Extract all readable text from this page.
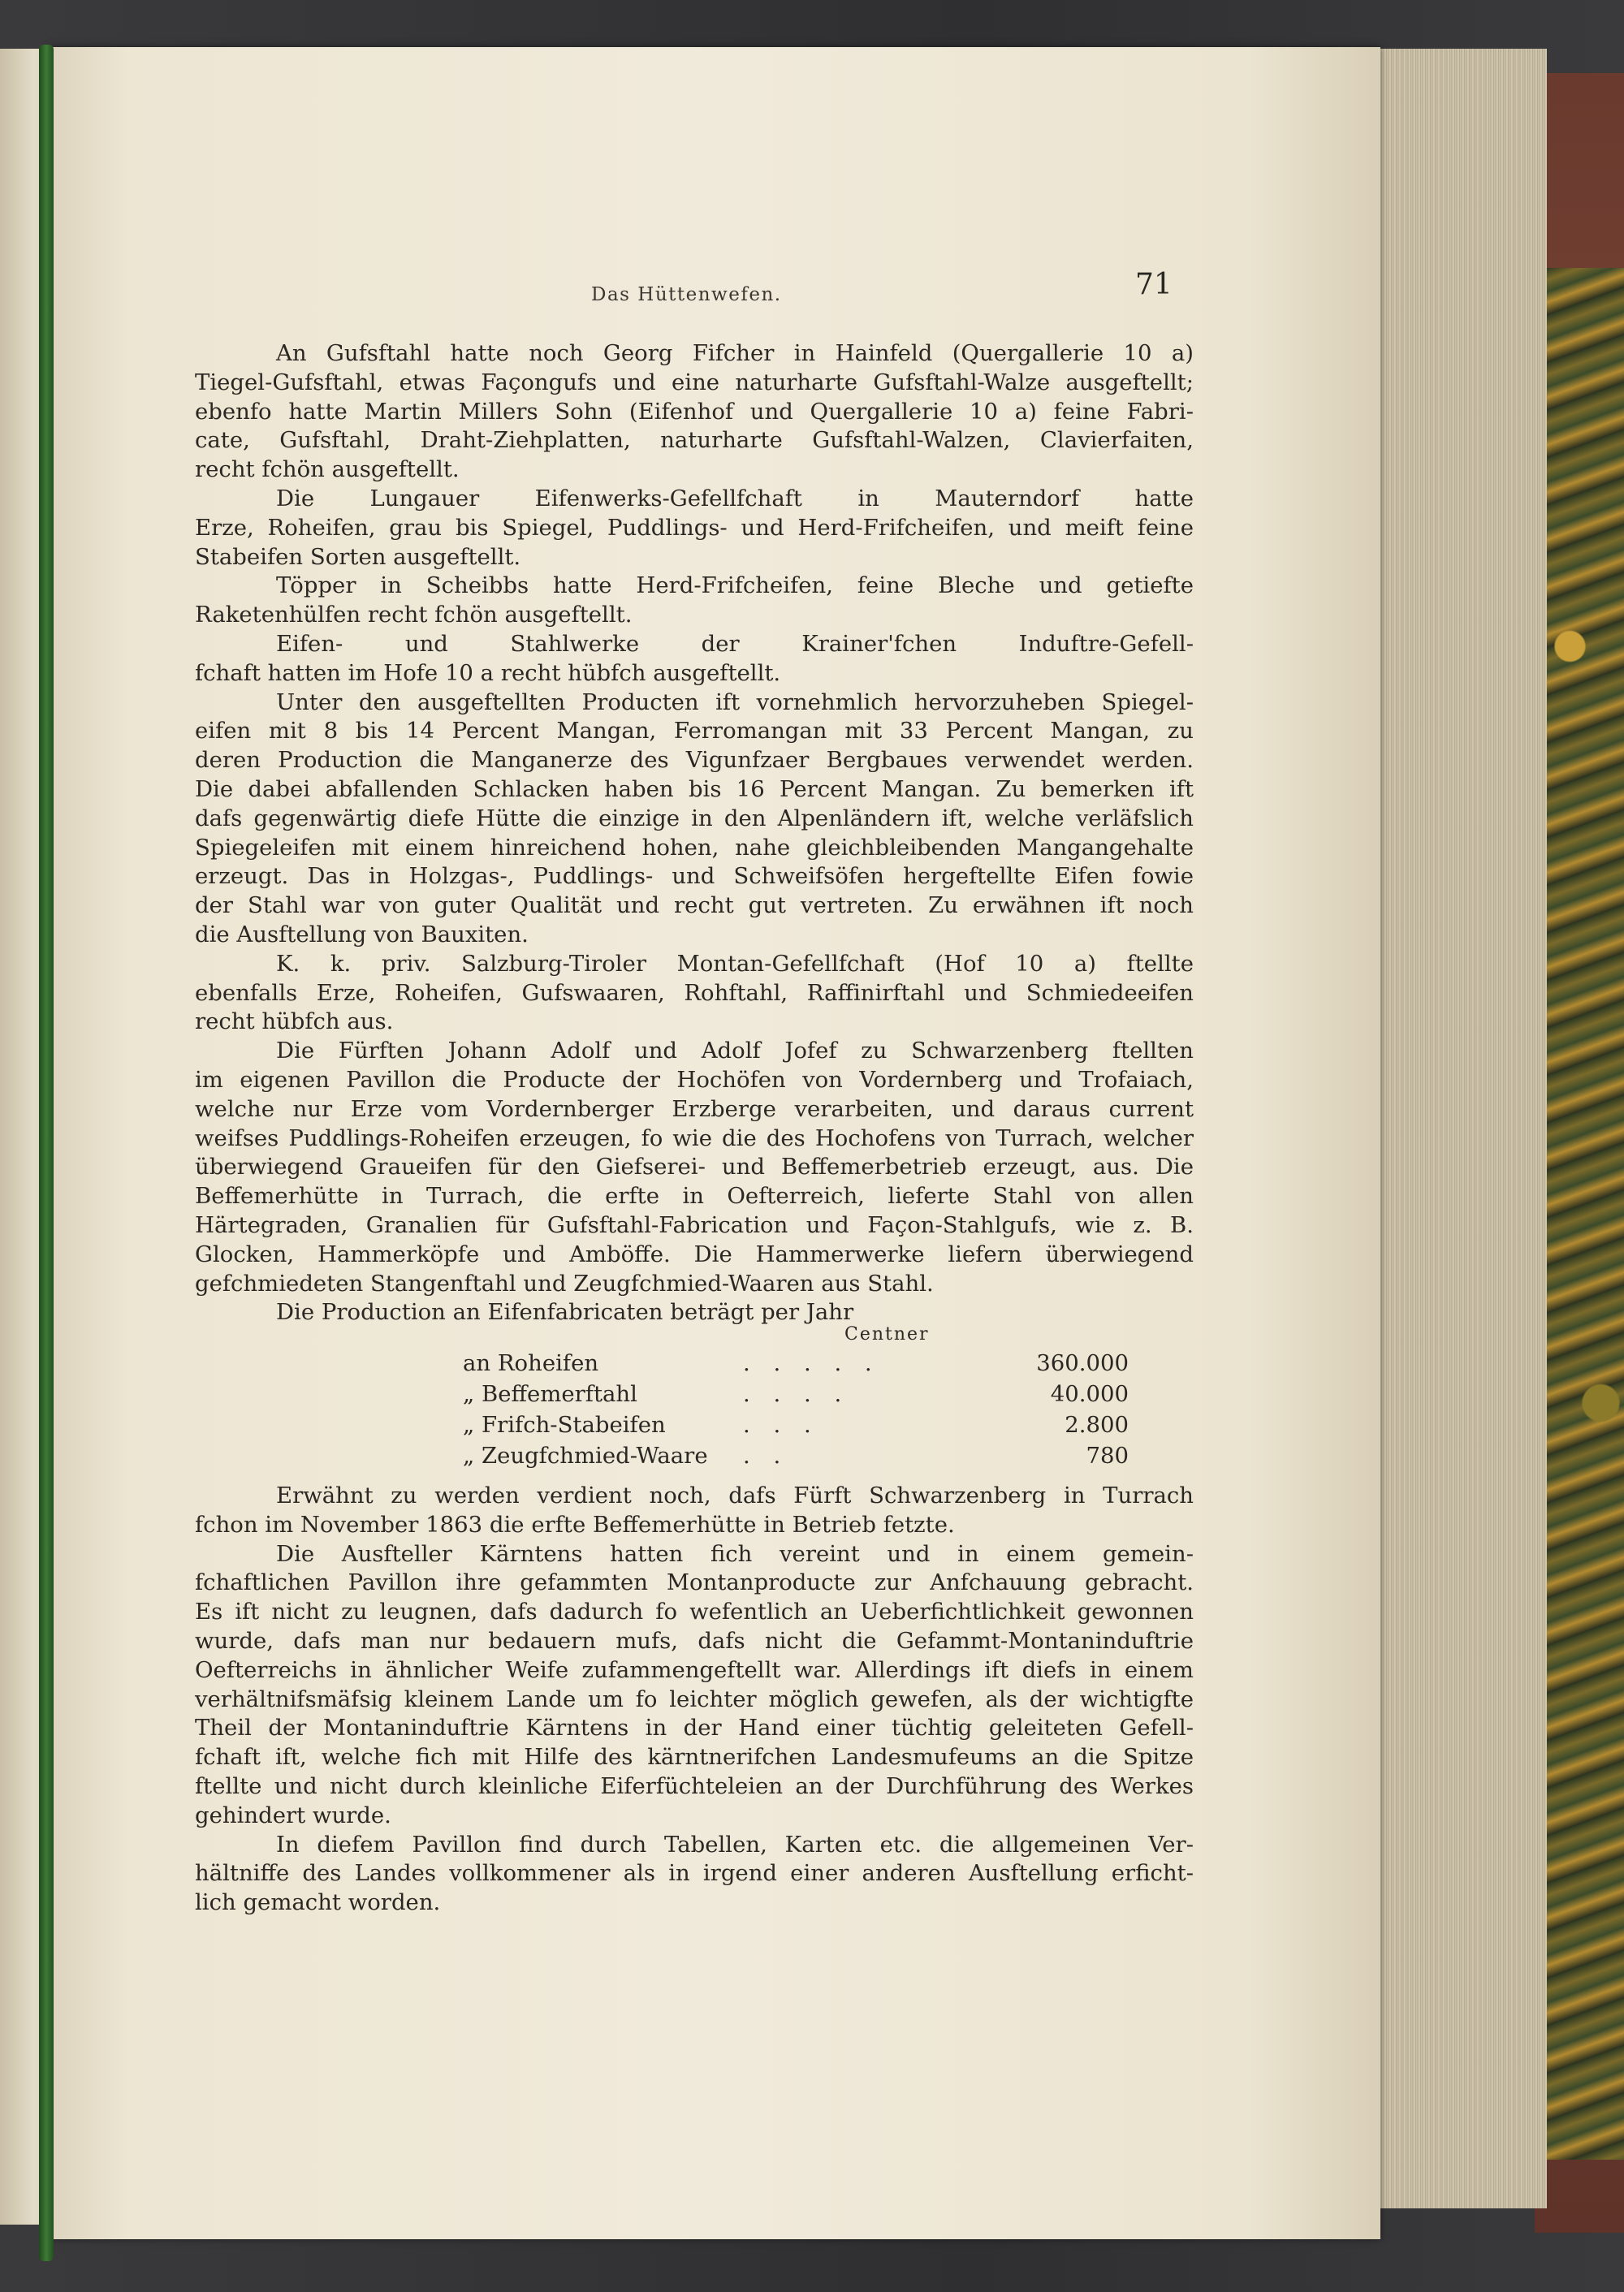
Das Hüttenwefen.	71
An Gufsftahl hatte noch Georg Fifcher in Hainfeld (Quergallerie 10 a)
Tiegel-Gufsftahl, etwas Façongufs und eine naturharte Gufsftahl-Walze ausgeftellt;
ebenfo hatte Martin Millers Sohn (Eifenhof und Quergallerie 10 a) feine Fabri-
cate, Gufsftahl, Draht-Ziehplatten, naturharte Gufsftahl-Walzen, Clavierfaiten,
recht fchön ausgeftellt.
Die Lungauer Eifenwerks-Gefellfchaft in Mauterndorf hatte
Erze, Roheifen, grau bis Spiegel, Puddlings- und Herd-Frifcheifen, und meift feine
Stabeifen Sorten ausgeftellt.
Töpper in Scheibbs hatte Herd-Frifcheifen, feine Bleche und getiefte
Raketenhülfen recht fchön ausgeftellt.
Eifen- und Stahlwerke der Krainer'fchen Induftre-Gefell-
fchaft hatten im Hofe 10 a recht hübfch ausgeftellt.
Unter den ausgeftellten Producten ift vornehmlich hervorzuheben Spiegel-
eifen mit 8 bis 14 Percent Mangan, Ferromangan mit 33 Percent Mangan, zu
deren Production die Manganerze des Vigunfzaer Bergbaues verwendet werden.
Die dabei abfallenden Schlacken haben bis 16 Percent Mangan. Zu bemerken ift
dafs gegenwärtig diefe Hütte die einzige in den Alpenländern ift, welche verläfslich
Spiegeleifen mit einem hinreichend hohen, nahe gleichbleibenden Mangangehalte
erzeugt. Das in Holzgas-, Puddlings- und Schweifsöfen hergeftellte Eifen fowie
der Stahl war von guter Qualität und recht gut vertreten. Zu erwähnen ift noch
die Ausftellung von Bauxiten.
K. k. priv. Salzburg-Tiroler Montan-Gefellfchaft (Hof 10 a) ftellte
ebenfalls Erze, Roheifen, Gufswaaren, Rohftahl, Raffinirftahl und Schmiedeeifen
recht hübfch aus.
Die Fürften Johann Adolf und Adolf Jofef zu Schwarzenberg ftellten
im eigenen Pavillon die Producte der Hochöfen von Vordernberg und Trofaiach,
welche nur Erze vom Vordernberger Erzberge verarbeiten, und daraus current
weifses Puddlings-Roheifen erzeugen, fo wie die des Hochofens von Turrach, welcher
überwiegend Graueifen für den Giefserei- und Beffemerbetrieb erzeugt, aus. Die
Beffemerhütte in Turrach, die erfte in Oefterreich, lieferte Stahl von allen
Härtegraden, Granalien für Gufsftahl-Fabrication und Façon-Stahlgufs, wie z. B.
Glocken, Hammerköpfe und Amböffe. Die Hammerwerke liefern überwiegend
gefchmiedeten Stangenftahl und Zeugfchmied-Waaren aus Stahl.
Die Production an Eifenfabricaten beträgt per Jahr
Centner
an Roheifen	. . . . .	360.000
„ Beffemerftahl	. . . .	40.000
„ Frifch-Stabeifen	. . .	2.800
„ Zeugfchmied-Waare . .	780
Erwähnt zu werden verdient noch, dafs Fürft Schwarzenberg in Turrach
fchon im November 1863 die erfte Beffemerhütte in Betrieb fetzte.
Die Ausfteller Kärntens hatten fich vereint und in einem gemein-
fchaftlichen Pavillon ihre gefammten Montanproducte zur Anfchauung gebracht.
Es ift nicht zu leugnen, dafs dadurch fo wefentlich an Ueberfichtlichkeit gewonnen
wurde, dafs man nur bedauern mufs, dafs nicht die Gefammt-Montaninduftrie
Oefterreichs in ähnlicher Weife zufammengeftellt war. Allerdings ift diefs in einem
verhältnifsmäfsig kleinem Lande um fo leichter möglich gewefen, als der wichtigfte
Theil der Montaninduftrie Kärntens in der Hand einer tüchtig geleiteten Gefell-
fchaft ift, welche fich mit Hilfe des kärntnerifchen Landesmufeums an die Spitze
ftellte und nicht durch kleinliche Eiferfüchteleien an der Durchführung des Werkes
gehindert wurde.
In diefem Pavillon find durch Tabellen, Karten etc. die allgemeinen Ver-
hältniffe des Landes vollkommener als in irgend einer anderen Ausftellung erficht-
lich gemacht worden.
